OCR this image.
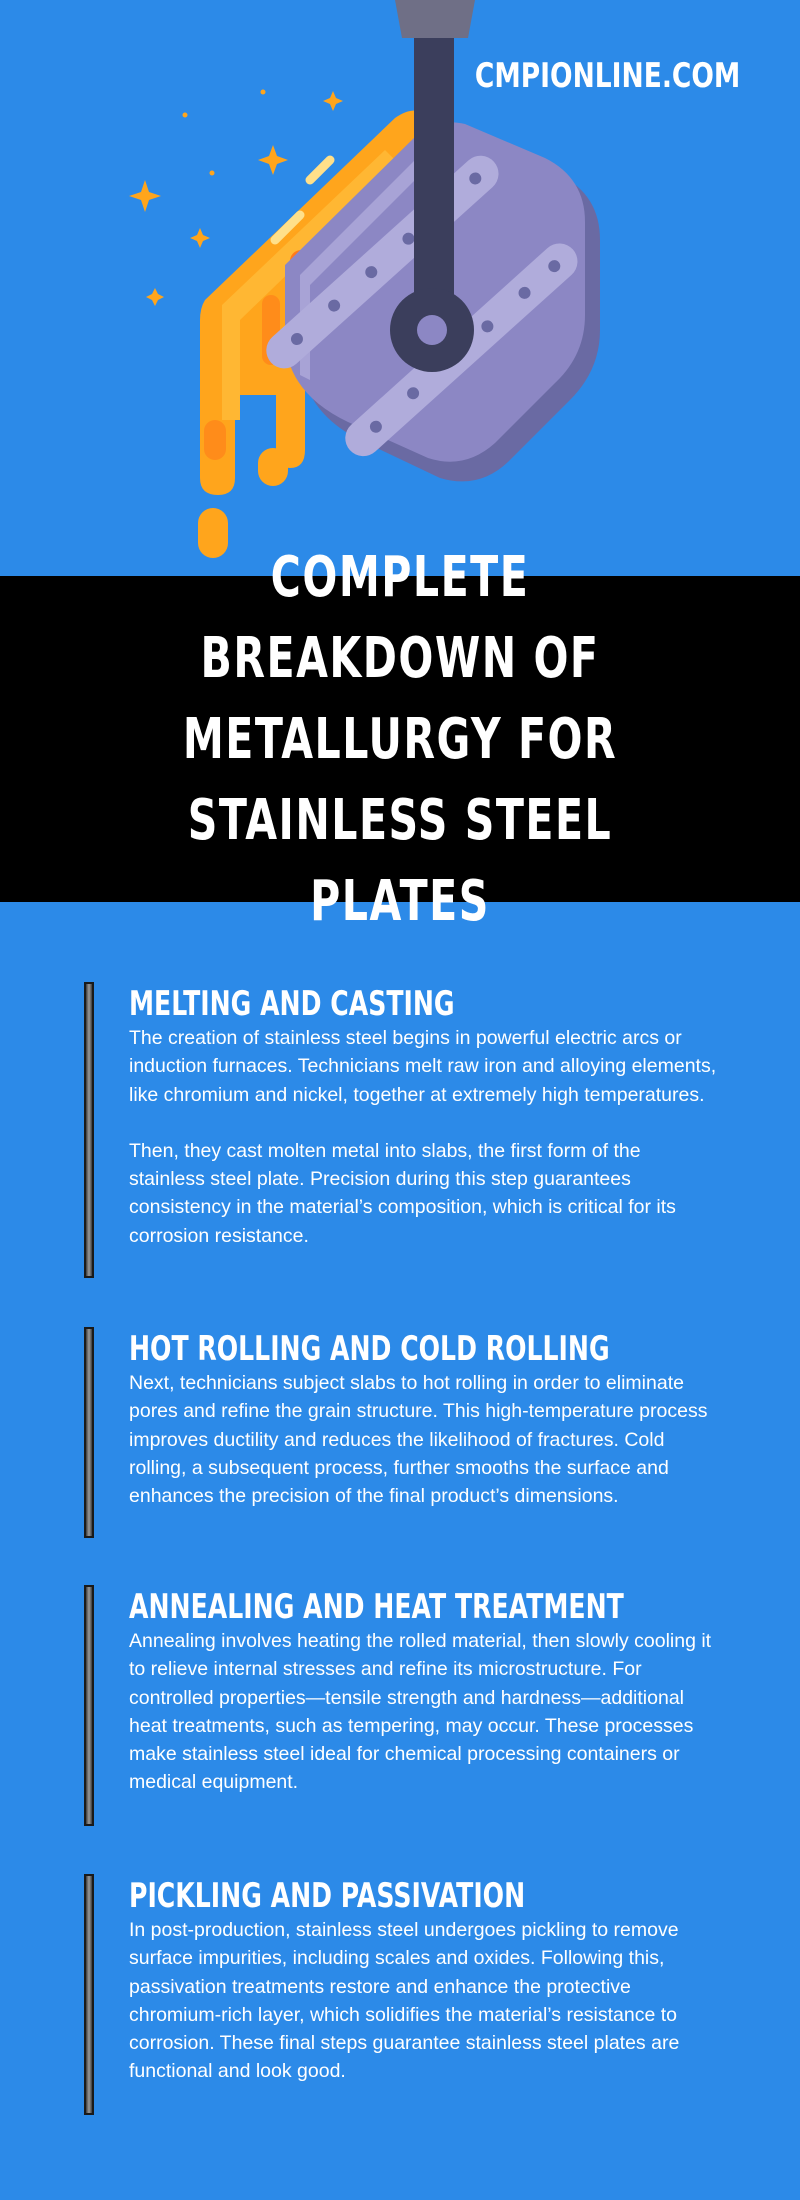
CMPIONLINE.COM
COMPLETE BREAKDOWN OF METALLURGY FOR STAINLESS STEEL PLATES
MELTING AND CASTING

The creation of stainless steel begins in powerful electric arcs or induction furnaces. Technicians melt raw iron and alloying elements, like chromium and nickel, together at extremely high temperatures.

Then, they cast molten metal into slabs, the first form of the stainless steel plate. Precision during this step guarantees consistency in the material’s composition, which is critical for its corrosion resistance.

HOT ROLLING AND COLD ROLLING

Next, technicians subject slabs to hot rolling in order to eliminate pores and refine the grain structure. This high-temperature process improves ductility and reduces the likelihood of fractures. Cold rolling, a subsequent process, further smooths the surface and enhances the precision of the final product’s dimensions.

ANNEALING AND HEAT TREATMENT

Annealing involves heating the rolled material, then slowly cooling it to relieve internal stresses and refine its microstructure. For controlled properties—tensile strength and hardness—additional heat treatments, such as tempering, may occur. These processes make stainless steel ideal for chemical processing containers or medical equipment.

PICKLING AND PASSIVATION

In post-production, stainless steel undergoes pickling to remove surface impurities, including scales and oxides. Following this, passivation treatments restore and enhance the protective chromium-rich layer, which solidifies the material’s resistance to corrosion. These final steps guarantee stainless steel plates are functional and look good.
